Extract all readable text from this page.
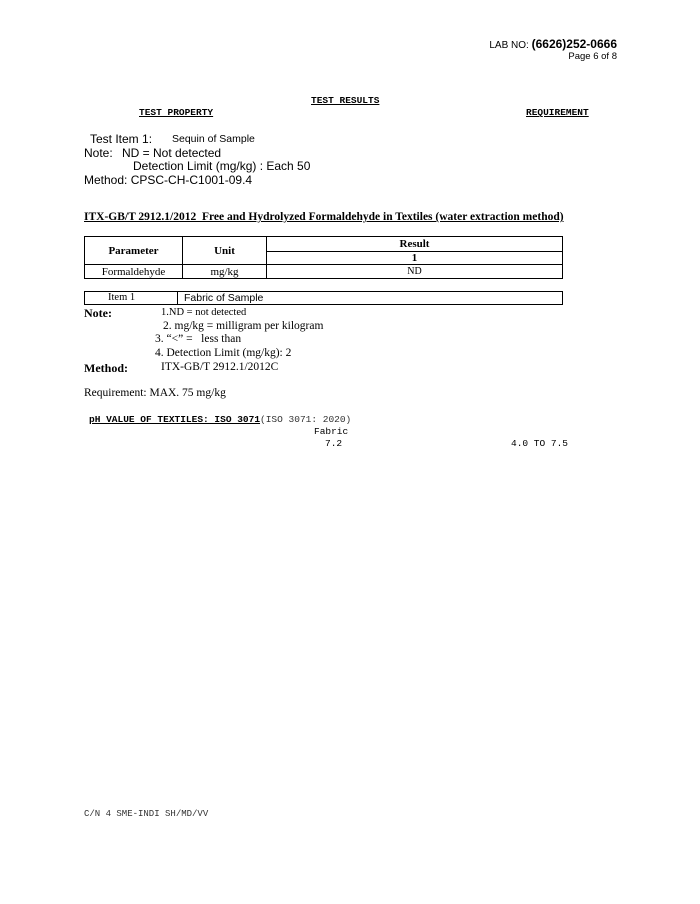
LAB NO: (6626)252-0666
Page 6 of 8
TEST RESULTS
TEST PROPERTY	REQUIREMENT
Test Item 1: Sequin of Sample
Note: ND = Not detected
Detection Limit (mg/kg) : Each 50
Method: CPSC-CH-C1001-09.4
ITX-GB/T 2912.1/2012  Free and Hydrolyzed Formaldehyde in Textiles (water extraction method)
Parameter	Unit	Result
		1
Formaldehyde	mg/kg	ND
Item 1	Fabric of Sample
Note:	1.ND = not detected
2. mg/kg = milligram per kilogram
3. “<” =   less than
4. Detection Limit (mg/kg): 2
Method:	ITX-GB/T 2912.1/2012C
Requirement: MAX. 75 mg/kg
pH VALUE OF TEXTILES: ISO 3071(ISO 3071: 2020)
Fabric
7.2	4.0 TO 7.5
C/N 4 SME-INDI SH/MD/VV
